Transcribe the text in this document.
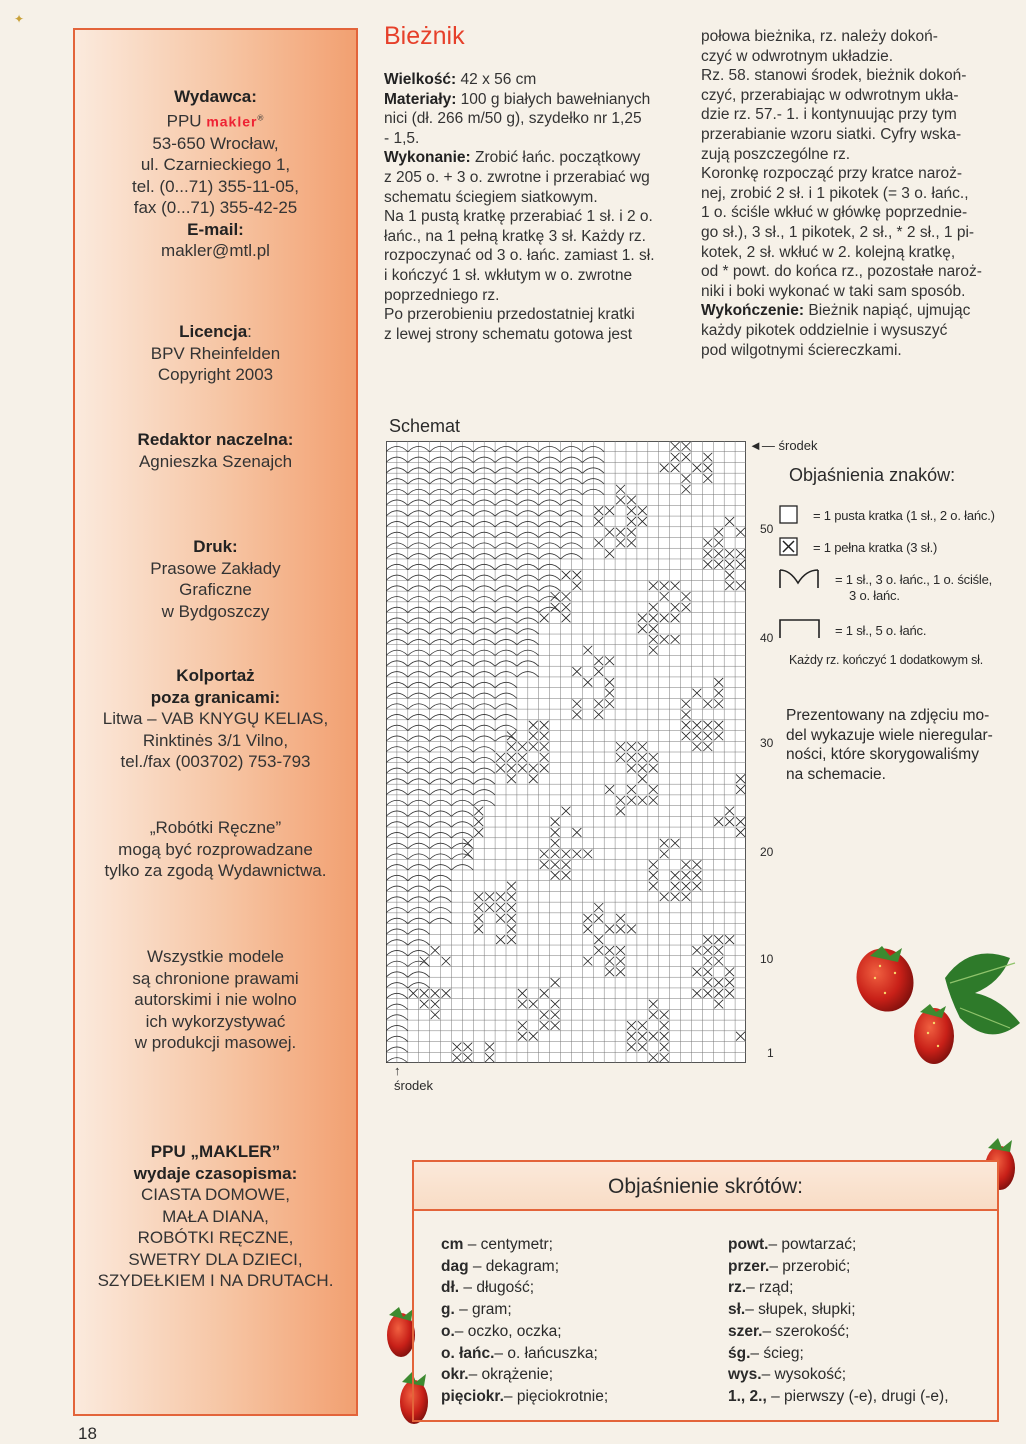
✦
Wydawca:
PPU makler®
53-650 Wrocław,
ul. Czarnieckiego 1,
tel. (0...71) 355-11-05,
fax (0...71) 355-42-25
E-mail:
makler@mtl.pl
Licencja:
BPV Rheinfelden
Copyright 2003
Redaktor naczelna:
Agnieszka Szenajch
Druk:
Prasowe Zakłady
Graficzne
w Bydgoszczy
Kolportaż
poza granicami:
Litwa – VAB KNYGŲ KELIAS,
Rinktinės 3/1 Vilno,
tel./fax (003702) 753-793
„Robótki Ręczne”
mogą być rozprowadzane
tylko za zgodą Wydawnictwa.
Wszystkie modele
są chronione prawami
autorskimi i nie wolno
ich wykorzystywać
w produkcji masowej.
PPU „MAKLER”
wydaje czasopisma:
CIASTA DOMOWE,
MAŁA DIANA,
ROBÓTKI RĘCZNE,
SWETRY DLA DZIECI,
SZYDEŁKIEM I NA DRUTACH.
Bieżnik
Wielkość: 42 x 56 cm
Materiały: 100 g białych bawełnianych
nici (dł. 266 m/50 g), szydełko nr 1,25
- 1,5.
Wykonanie: Zrobić łańc. początkowy
z 205 o. + 3 o. zwrotne i przerabiać wg
schematu ściegiem siatkowym.
Na 1 pustą kratkę przerabiać 1 sł. i 2 o.
łańc., na 1 pełną kratkę 3 sł. Każdy rz.
rozpoczynać od 3 o. łańc. zamiast 1. sł.
i kończyć 1 sł. wkłutym w o. zwrotne
poprzedniego rz.
Po przerobieniu przedostatniej kratki
z lewej strony schematu gotowa jest
połowa bieżnika, rz. należy dokoń-
czyć w odwrotnym układzie.
Rz. 58. stanowi środek, bieżnik dokoń-
czyć, przerabiając w odwrotnym ukła-
dzie rz. 57.- 1. i kontynuując przy tym
przerabianie wzoru siatki. Cyfry wska-
zują poszczególne rz.
Koronkę rozpocząć przy kratce naroż-
nej, zrobić 2 sł. i 1 pikotek (= 3 o. łańc.,
1 o. ściśle wkłuć w główkę poprzednie-
go sł.), 3 sł., 1 pikotek, 2 sł., * 2 sł., 1 pi-
kotek, 2 sł. wkłuć w 2. kolejną kratkę,
od * powt. do końca rz., pozostałe naroż-
niki i boki wykonać w taki sam sposób.
Wykończenie: Bieżnik napiąć, ujmując
każdy pikotek oddzielnie i wysuszyć
pod wilgotnymi ściereczkami.
Schemat
◄— środek
↑
środek
50
40
30
20
10
1
Objaśnienia znaków:
= 1 pusta kratka (1 sł., 2 o. łańc.)
= 1 pełna kratka (3 sł.)
= 1 sł., 3 o. łańc., 1 o. ściśle,
3 o. łańc.
= 1 sł., 5 o. łańc.
Każdy rz. kończyć 1 dodatkowym sł.
Prezentowany na zdjęciu mo-
del wykazuje wiele nieregular-
ności, które skorygowaliśmy
na schemacie.
Objaśnienie skrótów:
cm – centymetr;
dag – dekagram;
dł. – długość;
g. – gram;
o.– oczko, oczka;
o. łańc.– o. łańcuszka;
okr.– okrążenie;
pięciokr.– pięciokrotnie;
powt.– powtarzać;
przer.– przerobić;
rz.– rząd;
sł.– słupek, słupki;
szer.– szerokość;
śg.– ścieg;
wys.– wysokość;
1., 2., – pierwszy (-e), drugi (-e),
18
